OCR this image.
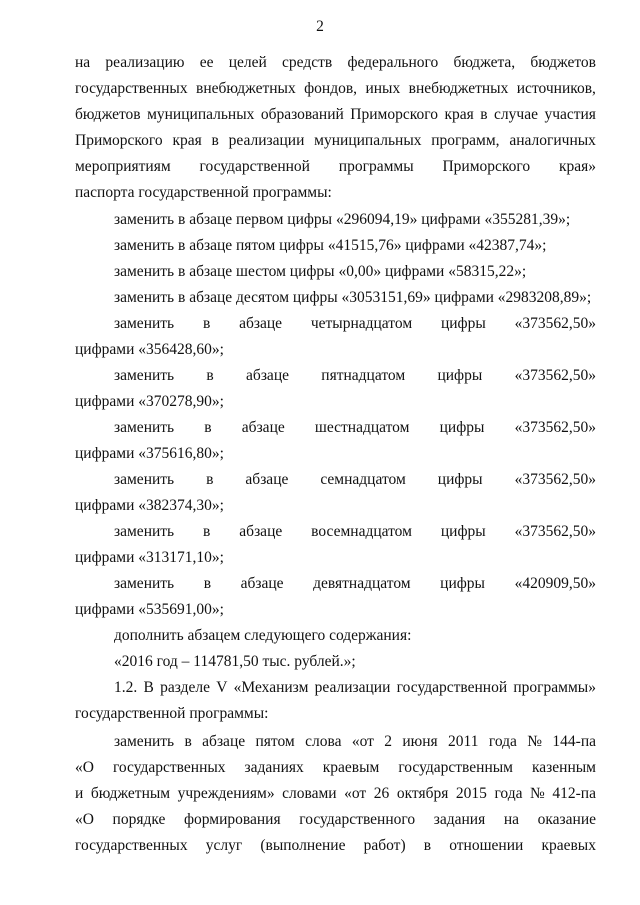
2
на реализацию ее целей средств федерального бюджета, бюджетов
государственных внебюджетных фондов, иных внебюджетных источников,
бюджетов муниципальных образований Приморского края в случае участия
Приморского края в реализации муниципальных программ, аналогичных
мероприятиям государственной программы Приморского края»
паспорта государственной программы:
заменить в абзаце первом цифры «296094,19» цифрами «355281,39»;
заменить в абзаце пятом цифры «41515,76» цифрами «42387,74»;
заменить в абзаце шестом цифры «0,00» цифрами «58315,22»;
заменить в абзаце десятом цифры «3053151,69» цифрами «2983208,89»;
заменить в абзаце четырнадцатом цифры «373562,50»
цифрами «356428,60»;
заменить в абзаце пятнадцатом цифры «373562,50»
цифрами «370278,90»;
заменить в абзаце шестнадцатом цифры «373562,50»
цифрами «375616,80»;
заменить в абзаце семнадцатом цифры «373562,50»
цифрами «382374,30»;
заменить в абзаце восемнадцатом цифры «373562,50»
цифрами «313171,10»;
заменить в абзаце девятнадцатом цифры «420909,50»
цифрами «535691,00»;
дополнить абзацем следующего содержания:
«2016 год – 114781,50 тыс. рублей.»;
1.2. В разделе V «Механизм реализации государственной программы»
государственной программы:
заменить в абзаце пятом слова «от 2 июня 2011 года № 144-па
«О государственных заданиях краевым государственным казенным
и бюджетным учреждениям» словами «от 26 октября 2015 года № 412-па
«О порядке формирования государственного задания на оказание
государственных услуг (выполнение работ) в отношении краевых
